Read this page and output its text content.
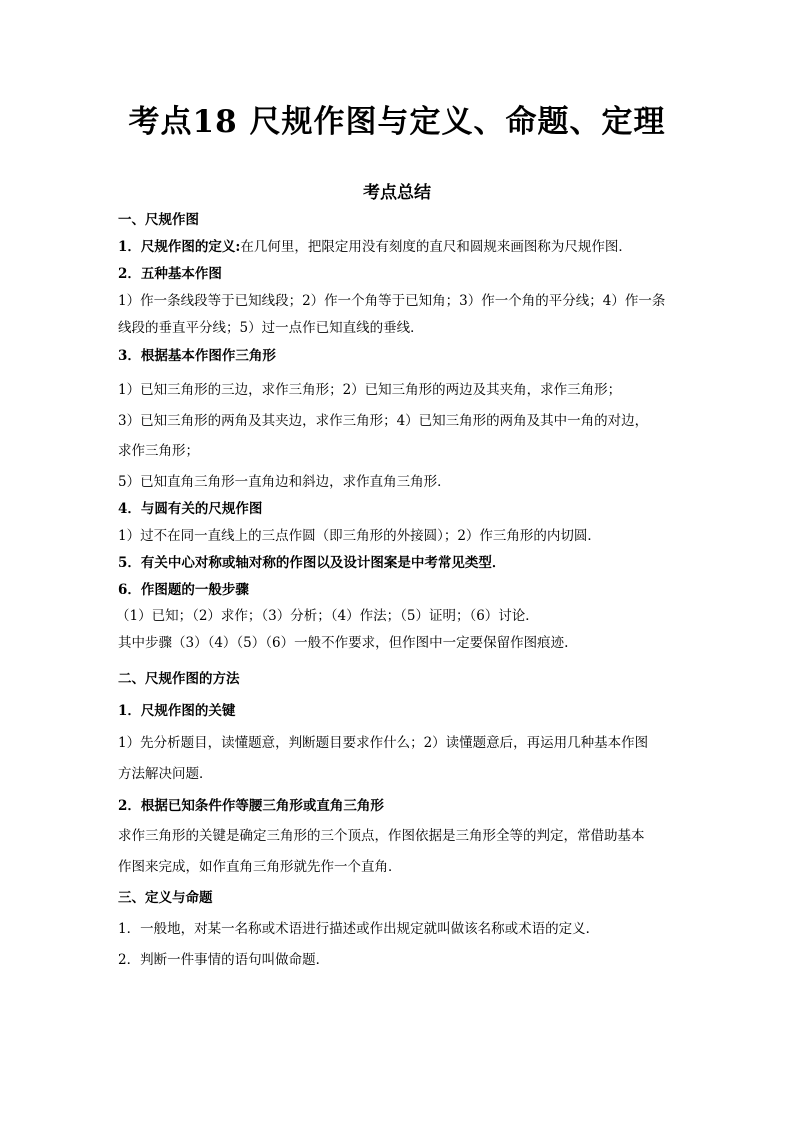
考点18 尺规作图与定义、命题、定理
考点总结
一、尺规作图
1．尺规作图的定义:在几何里，把限定用没有刻度的直尺和圆规来画图称为尺规作图．
2．五种基本作图
1）作一条线段等于已知线段；2）作一个角等于已知角；3）作一个角的平分线；4）作一条
线段的垂直平分线；5）过一点作已知直线的垂线．
3．根据基本作图作三角形
1）已知三角形的三边，求作三角形；2）已知三角形的两边及其夹角，求作三角形；
3）已知三角形的两角及其夹边，求作三角形；4）已知三角形的两角及其中一角的对边，
求作三角形；
5）已知直角三角形一直角边和斜边，求作直角三角形．
4．与圆有关的尺规作图
1）过不在同一直线上的三点作圆（即三角形的外接圆）；2）作三角形的内切圆．
5．有关中心对称或轴对称的作图以及设计图案是中考常见类型．
6．作图题的一般步骤
（1）已知；（2）求作；（3）分析；（4）作法；（5）证明；（6）讨论．
其中步骤（3）（4）（5）（6）一般不作要求，但作图中一定要保留作图痕迹.
二、尺规作图的方法
1．尺规作图的关键
1）先分析题目，读懂题意，判断题目要求作什么；2）读懂题意后，再运用几种基本作图
方法解决问题．
2．根据已知条件作等腰三角形或直角三角形
求作三角形的关键是确定三角形的三个顶点，作图依据是三角形全等的判定，常借助基本
作图来完成，如作直角三角形就先作一个直角．
三、定义与命题
1．一般地，对某一名称或术语进行描述或作出规定就叫做该名称或术语的定义．
2．判断一件事情的语句叫做命题．
